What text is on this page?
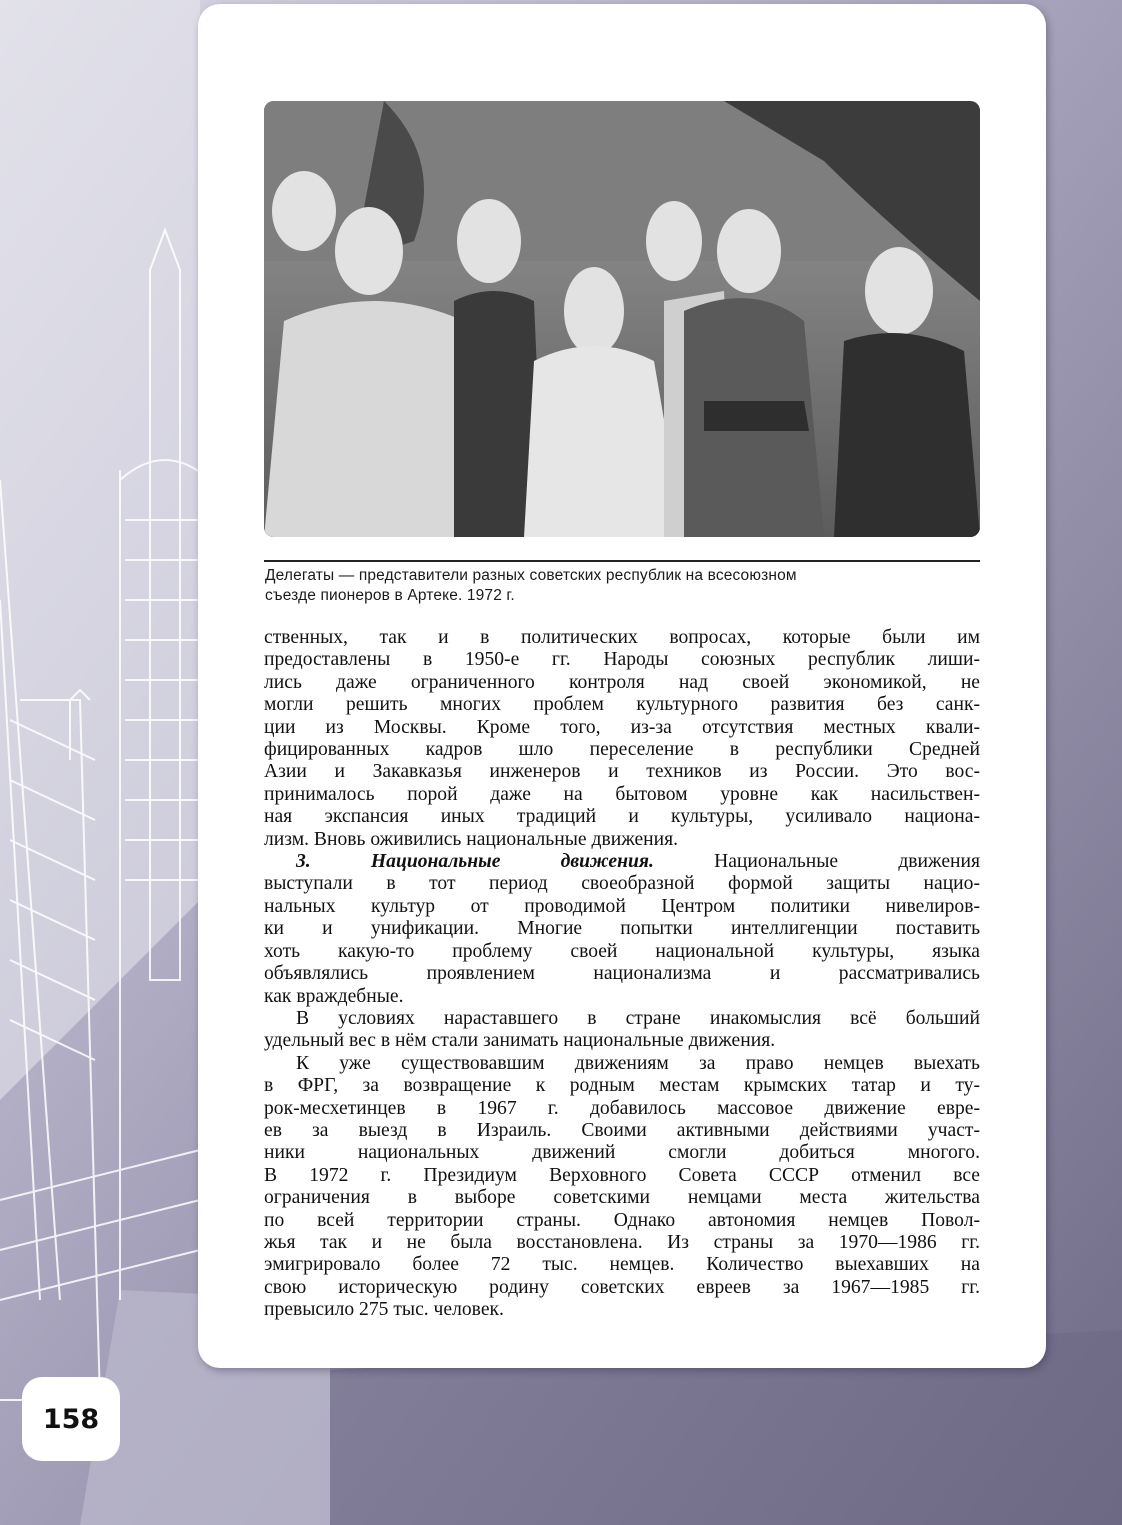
Делегаты — представители разных советских республик на всесоюзном
съезде пионеров в Артеке. 1972 г.

ственных, так и в политических вопросах, которые были им

предоставлены в 1950-е гг. Народы союзных республик лиши-

лись даже ограниченного контроля над своей экономикой, не

могли решить многих проблем культурного развития без санк-

ции из Москвы. Кроме того, из-за отсутствия местных квали-

фицированных кадров шло переселение в республики Средней

Азии и Закавказья инженеров и техников из России. Это вос-

принималось порой даже на бытовом уровне как насильствен-

ная экспансия иных традиций и культуры, усиливало национа-

лизм. Вновь оживились национальные движения.

3. Национальные движения. Национальные движения

выступали в тот период своеобразной формой защиты нацио-

нальных культур от проводимой Центром политики нивелиров-

ки и унификации. Многие попытки интеллигенции поставить

хоть какую-то проблему своей национальной культуры, языка

объявлялись проявлением национализма и рассматривались

как враждебные.

В условиях нараставшего в стране инакомыслия всё больший

удельный вес в нём стали занимать национальные движения.

К уже существовавшим движениям за право немцев выехать

в ФРГ, за возвращение к родным местам крымских татар и ту-

рок-месхетинцев в 1967 г. добавилось массовое движение евре-

ев за выезд в Израиль. Своими активными действиями участ-

ники национальных движений смогли добиться многого.

В 1972 г. Президиум Верховного Совета СССР отменил все

ограничения в выборе советскими немцами места жительства

по всей территории страны. Однако автономия немцев Повол-

жья так и не была восстановлена. Из страны за 1970—1986 гг.

эмигрировало более 72 тыс. немцев. Количество выехавших на

свою историческую родину советских евреев за 1967—1985 гг.

превысило 275 тыс. человек.

158
